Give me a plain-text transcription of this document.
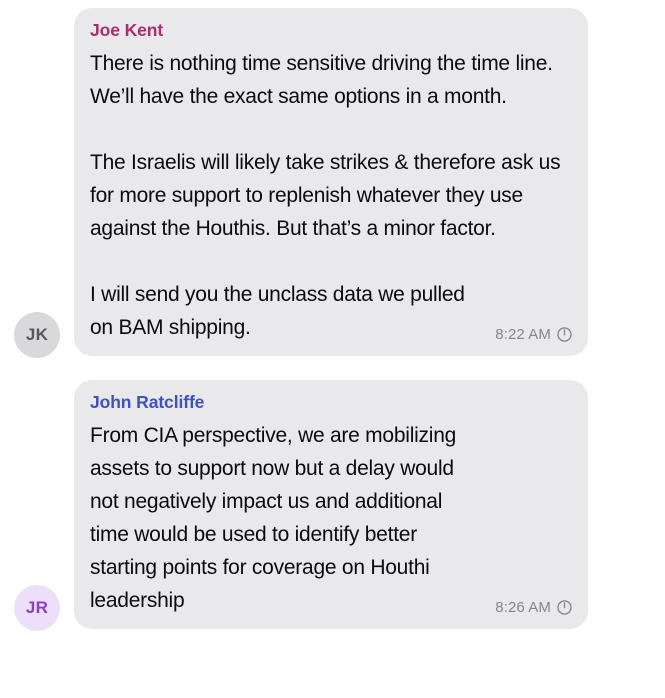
JK
Joe Kent

There is nothing time sensitive driving the time line. We’ll have the exact same options in a month.

The Israelis will likely take strikes & therefore ask us for more support to replenish whatever they use against the Houthis. But that’s a minor factor.

I will send you the unclass data we pulled on BAM shipping.	8:22 AM
JR
John Ratcliffe

From CIA perspective, we are mobilizing assets to support now but a delay would not negatively impact us and additional time would be used to identify better starting points for coverage on Houthi leadership	8:26 AM
